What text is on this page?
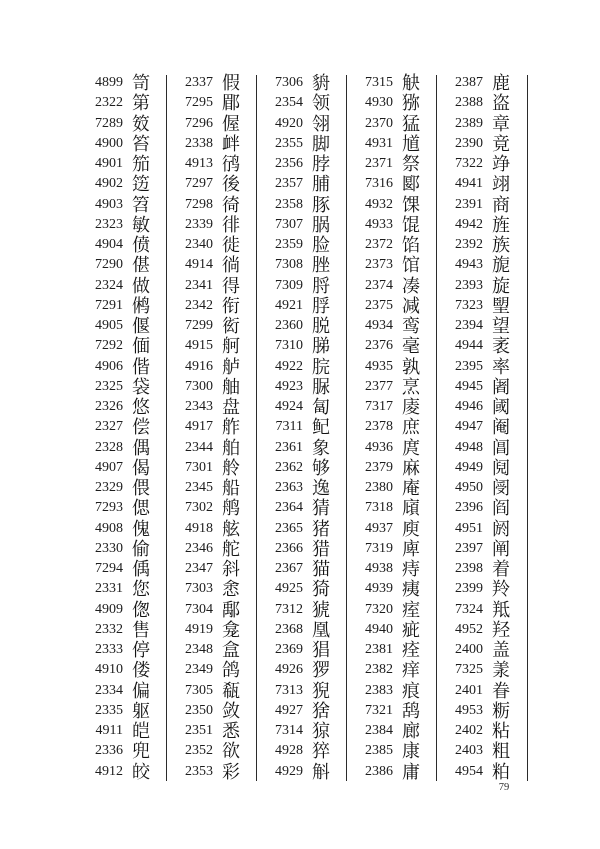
4899 笥
2322 第
7289 笯
4900 笞
4901 笳
4902 笾
4903 笤
2323 敏
4904 偾
7290 偡
2324 做
7291 鸺
4905 偃
7292 偭
4906 偕
2325 袋
2326 悠
2327 偿
2328 偶
4907 偈
2329 偎
7293 偲
4908 傀
2330 偷
7294 偊
2331 您
4909 偬
2332 售
2333 停
4910 偻
2334 偏
2335 躯
4911 皑
2336 兜
4912 皎
2337 假
7295 郿
7296 偓
2338 衅
4913 鸻
7297 後
7298 徛
2339 徘
2340 徙
4914 徜
2341 得
2342 衔
7299 衒
4915 舸
4916 舻
7300 舳
2343 盘
4917 舴
2344 舶
7301 舲
2345 船
7302 鸼
4918 舷
2346 舵
2347 斜
7303 悆
7304 鄅
4919 龛
2348 盒
2349 鸽
7305 瓻
2350 敛
2351 悉
2352 欲
2353 彩
7306 貈
2354 领
4920 翎
2355 脚
2356 脖
2357 脯
2358 豚
7307 脶
2359 脸
7308 脞
7309 脟
4921 脬
2360 脱
7310 䏲
4922 脘
4923 脲
4924 匐
7311 鱾
2361 象
2362 够
2363 逸
2364 猜
2365 猪
2366 猎
2367 猫
4925 猗
7312 猇
2368 凰
2369 猖
4926 猡
7313 猊
4927 猞
7314 猄
4928 猝
4929 斛
7315 觖
4930 猕
2370 猛
4931 馗
2371 祭
7316 郾
4932 馃
4933 馄
2372 馅
2373 馆
2374 凑
2375 减
4934 鸾
2376 毫
4935 孰
2377 烹
7317 庱
2378 庶
4936 庹
2379 麻
2380 庵
7318 廎
4937 庾
7319 庳
4938 痔
4939 痍
7320 痓
4940 疵
2381 痊
2382 痒
2383 痕
7321 鸹
2384 廊
2385 康
2386 庸
2387 鹿
2388 盗
2389 章
2390 竟
7322 竫
4941 翊
2391 商
4942 旌
2392 族
4943 旎
2393 旋
7323 朢
2394 望
4944 袤
2395 率
4945 阇
4946 阈
4947 阉
4948 阊
4949 阋
4950 阌
2396 阎
4951 阏
2397 阐
2398 着
2399 羚
7324 羝
4952 羟
2400 盖
7325 羕
2401 眷
4953 粝
2402 粘
2403 粗
4954 粕
79
